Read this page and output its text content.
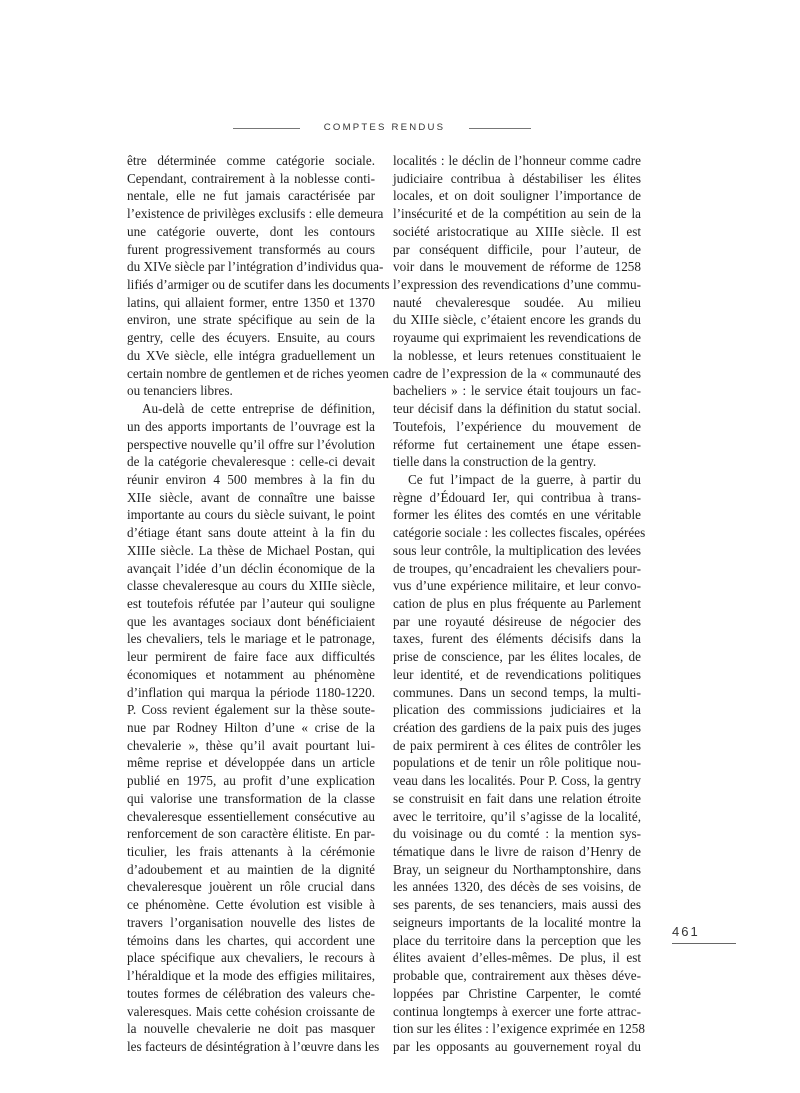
COMPTES RENDUS
être déterminée comme catégorie sociale.
Cependant, contrairement à la noblesse conti-
nentale, elle ne fut jamais caractérisée par
l’existence de privilèges exclusifs : elle demeura
une catégorie ouverte, dont les contours
furent progressivement transformés au cours
du XIVe siècle par l’intégration d’individus qua-
lifiés d’armiger ou de scutifer dans les documents
latins, qui allaient former, entre 1350 et 1370
environ, une strate spécifique au sein de la
gentry, celle des écuyers. Ensuite, au cours
du XVe siècle, elle intégra graduellement un
certain nombre de gentlemen et de riches yeomen
ou tenanciers libres.
Au-delà de cette entreprise de définition,
un des apports importants de l’ouvrage est la
perspective nouvelle qu’il offre sur l’évolution
de la catégorie chevaleresque : celle-ci devait
réunir environ 4 500 membres à la fin du
XIIe siècle, avant de connaître une baisse
importante au cours du siècle suivant, le point
d’étiage étant sans doute atteint à la fin du
XIIIe siècle. La thèse de Michael Postan, qui
avançait l’idée d’un déclin économique de la
classe chevaleresque au cours du XIIIe siècle,
est toutefois réfutée par l’auteur qui souligne
que les avantages sociaux dont bénéficiaient
les chevaliers, tels le mariage et le patronage,
leur permirent de faire face aux difficultés
économiques et notamment au phénomène
d’inflation qui marqua la période 1180-1220.
P. Coss revient également sur la thèse soute-
nue par Rodney Hilton d’une « crise de la
chevalerie », thèse qu’il avait pourtant lui-
même reprise et développée dans un article
publié en 1975, au profit d’une explication
qui valorise une transformation de la classe
chevaleresque essentiellement consécutive au
renforcement de son caractère élitiste. En par-
ticulier, les frais attenants à la cérémonie
d’adoubement et au maintien de la dignité
chevaleresque jouèrent un rôle crucial dans
ce phénomène. Cette évolution est visible à
travers l’organisation nouvelle des listes de
témoins dans les chartes, qui accordent une
place spécifique aux chevaliers, le recours à
l’héraldique et la mode des effigies militaires,
toutes formes de célébration des valeurs che-
valeresques. Mais cette cohésion croissante de
la nouvelle chevalerie ne doit pas masquer
les facteurs de désintégration à l’œuvre dans les
localités : le déclin de l’honneur comme cadre
judiciaire contribua à déstabiliser les élites
locales, et on doit souligner l’importance de
l’insécurité et de la compétition au sein de la
société aristocratique au XIIIe siècle. Il est
par conséquent difficile, pour l’auteur, de
voir dans le mouvement de réforme de 1258
l’expression des revendications d’une commu-
nauté chevaleresque soudée. Au milieu
du XIIIe siècle, c’étaient encore les grands du
royaume qui exprimaient les revendications de
la noblesse, et leurs retenues constituaient le
cadre de l’expression de la « communauté des
bacheliers » : le service était toujours un fac-
teur décisif dans la définition du statut social.
Toutefois, l’expérience du mouvement de
réforme fut certainement une étape essen-
tielle dans la construction de la gentry.
Ce fut l’impact de la guerre, à partir du
règne d’Édouard Ier, qui contribua à trans-
former les élites des comtés en une véritable
catégorie sociale : les collectes fiscales, opérées
sous leur contrôle, la multiplication des levées
de troupes, qu’encadraient les chevaliers pour-
vus d’une expérience militaire, et leur convo-
cation de plus en plus fréquente au Parlement
par une royauté désireuse de négocier des
taxes, furent des éléments décisifs dans la
prise de conscience, par les élites locales, de
leur identité, et de revendications politiques
communes. Dans un second temps, la multi-
plication des commissions judiciaires et la
création des gardiens de la paix puis des juges
de paix permirent à ces élites de contrôler les
populations et de tenir un rôle politique nou-
veau dans les localités. Pour P. Coss, la gentry
se construisit en fait dans une relation étroite
avec le territoire, qu’il s’agisse de la localité,
du voisinage ou du comté : la mention sys-
tématique dans le livre de raison d’Henry de
Bray, un seigneur du Northamptonshire, dans
les années 1320, des décès de ses voisins, de
ses parents, de ses tenanciers, mais aussi des
seigneurs importants de la localité montre la
place du territoire dans la perception que les
élites avaient d’elles-mêmes. De plus, il est
probable que, contrairement aux thèses déve-
loppées par Christine Carpenter, le comté
continua longtemps à exercer une forte attrac-
tion sur les élites : l’exigence exprimée en 1258
par les opposants au gouvernement royal du
461
